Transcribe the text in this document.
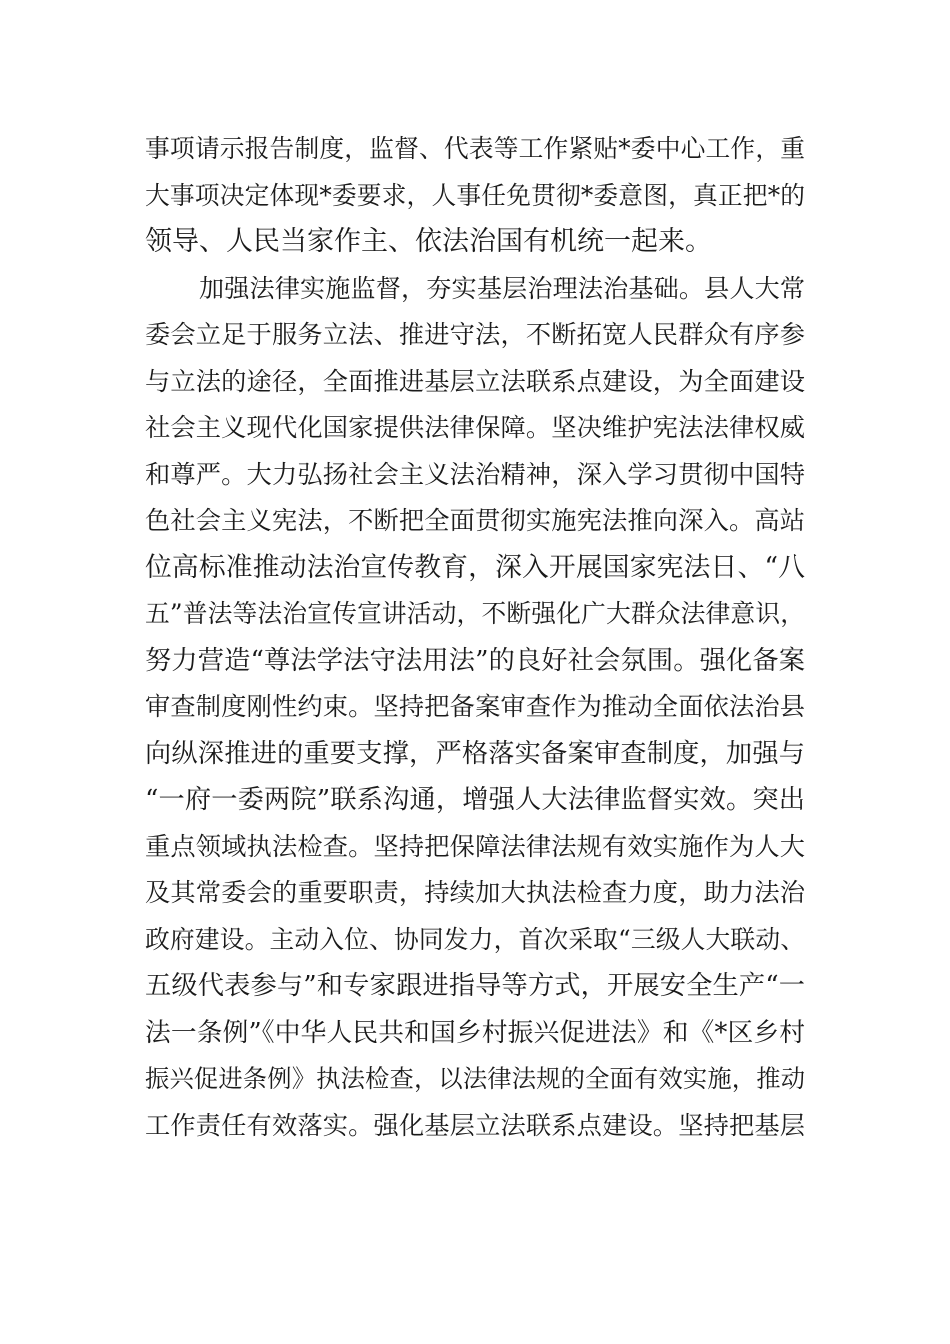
事项请示报告制度，监督、代表等工作紧贴*委中心工作，重
大事项决定体现*委要求，人事任免贯彻*委意图，真正把*的
领导、人民当家作主、依法治国有机统一起来。
加强法律实施监督，夯实基层治理法治基础。县人大常
委会立足于服务立法、推进守法，不断拓宽人民群众有序参
与立法的途径，全面推进基层立法联系点建设，为全面建设
社会主义现代化国家提供法律保障。坚决维护宪法法律权威
和尊严。大力弘扬社会主义法治精神，深入学习贯彻中国特
色社会主义宪法，不断把全面贯彻实施宪法推向深入。高站
位高标准推动法治宣传教育，深入开展国家宪法日、“八
五”普法等法治宣传宣讲活动，不断强化广大群众法律意识，
努力营造“尊法学法守法用法”的良好社会氛围。强化备案
审查制度刚性约束。坚持把备案审查作为推动全面依法治县
向纵深推进的重要支撑，严格落实备案审查制度，加强与
“一府一委两院”联系沟通，增强人大法律监督实效。突出
重点领域执法检查。坚持把保障法律法规有效实施作为人大
及其常委会的重要职责，持续加大执法检查力度，助力法治
政府建设。主动入位、协同发力，首次采取“三级人大联动、
五级代表参与”和专家跟进指导等方式，开展安全生产“一
法一条例”《中华人民共和国乡村振兴促进法》和《*区乡村
振兴促进条例》执法检查，以法律法规的全面有效实施，推动
工作责任有效落实。强化基层立法联系点建设。坚持把基层
